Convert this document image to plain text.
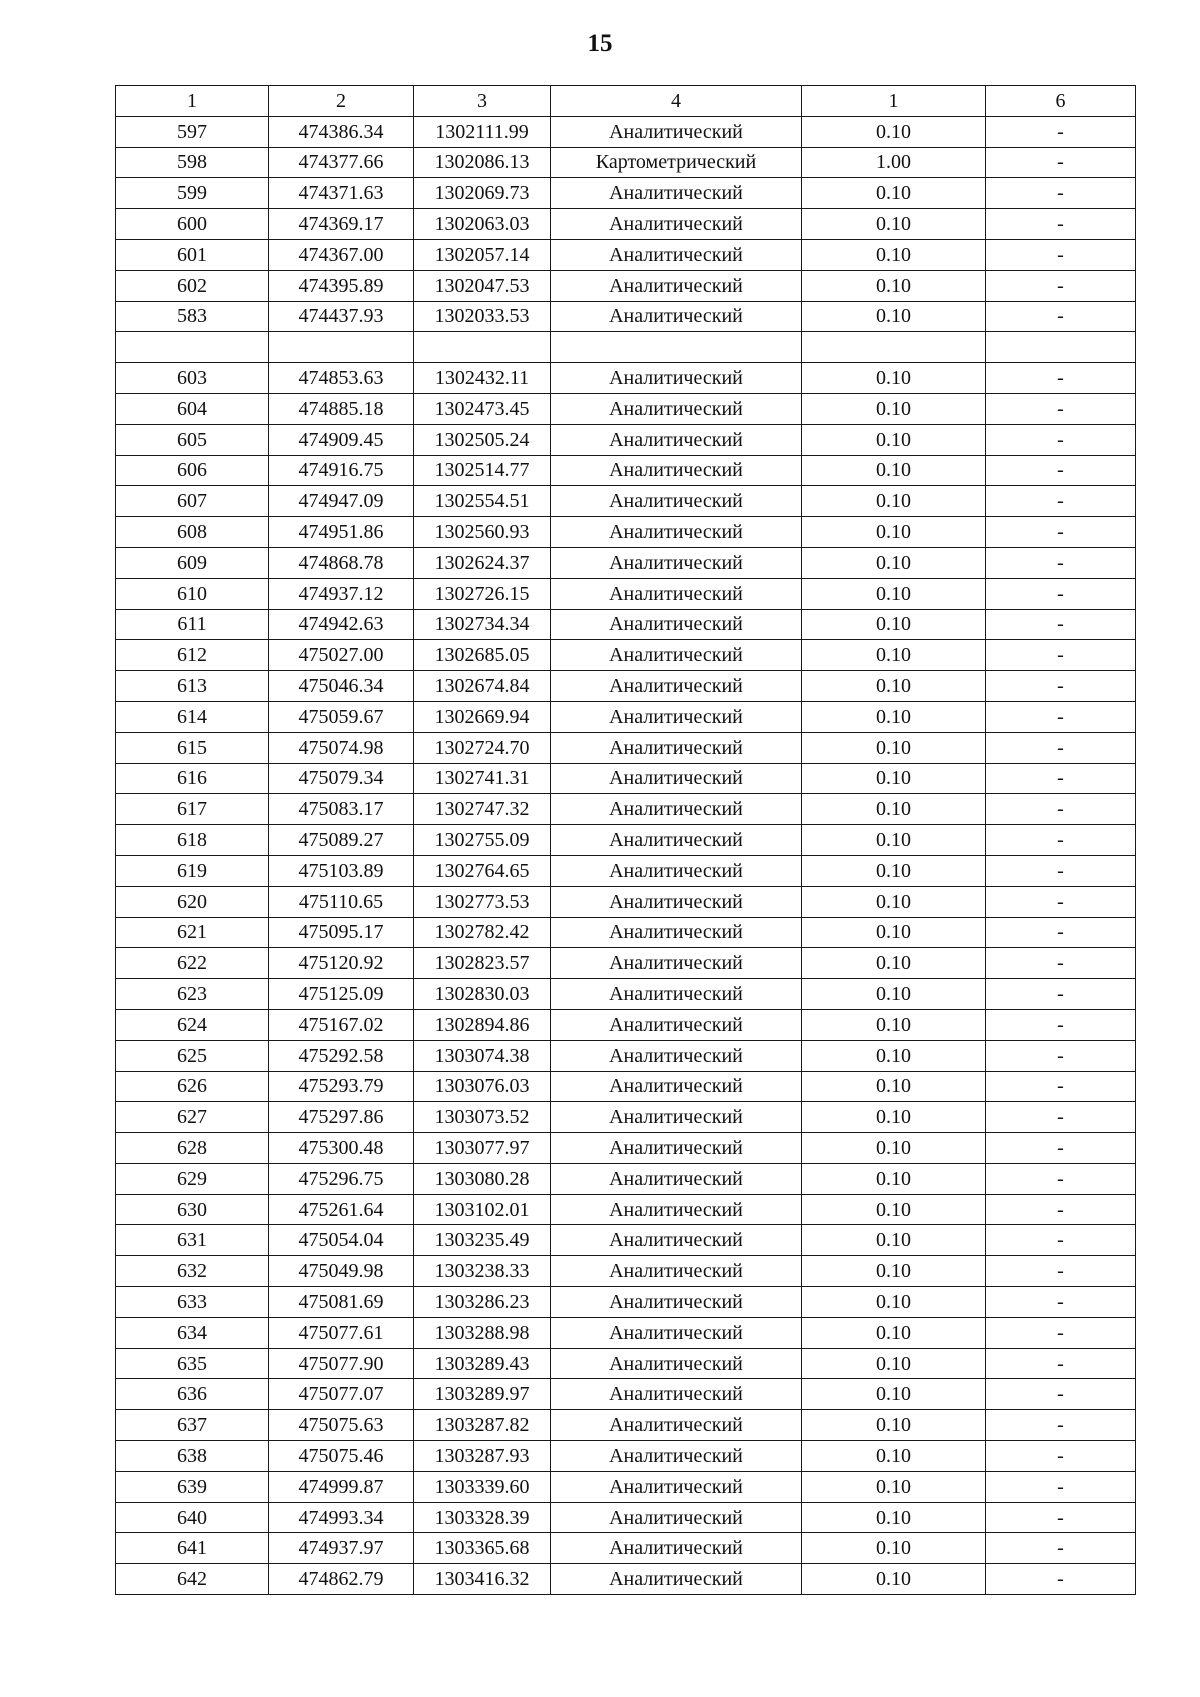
15
1	2	3	4	1	6
597	474386.34	1302111.99	Аналитический	0.10	-
598	474377.66	1302086.13	Картометрический	1.00	-
599	474371.63	1302069.73	Аналитический	0.10	-
600	474369.17	1302063.03	Аналитический	0.10	-
601	474367.00	1302057.14	Аналитический	0.10	-
602	474395.89	1302047.53	Аналитический	0.10	-
583	474437.93	1302033.53	Аналитический	0.10	-

603	474853.63	1302432.11	Аналитический	0.10	-
604	474885.18	1302473.45	Аналитический	0.10	-
605	474909.45	1302505.24	Аналитический	0.10	-
606	474916.75	1302514.77	Аналитический	0.10	-
607	474947.09	1302554.51	Аналитический	0.10	-
608	474951.86	1302560.93	Аналитический	0.10	-
609	474868.78	1302624.37	Аналитический	0.10	-
610	474937.12	1302726.15	Аналитический	0.10	-
611	474942.63	1302734.34	Аналитический	0.10	-
612	475027.00	1302685.05	Аналитический	0.10	-
613	475046.34	1302674.84	Аналитический	0.10	-
614	475059.67	1302669.94	Аналитический	0.10	-
615	475074.98	1302724.70	Аналитический	0.10	-
616	475079.34	1302741.31	Аналитический	0.10	-
617	475083.17	1302747.32	Аналитический	0.10	-
618	475089.27	1302755.09	Аналитический	0.10	-
619	475103.89	1302764.65	Аналитический	0.10	-
620	475110.65	1302773.53	Аналитический	0.10	-
621	475095.17	1302782.42	Аналитический	0.10	-
622	475120.92	1302823.57	Аналитический	0.10	-
623	475125.09	1302830.03	Аналитический	0.10	-
624	475167.02	1302894.86	Аналитический	0.10	-
625	475292.58	1303074.38	Аналитический	0.10	-
626	475293.79	1303076.03	Аналитический	0.10	-
627	475297.86	1303073.52	Аналитический	0.10	-
628	475300.48	1303077.97	Аналитический	0.10	-
629	475296.75	1303080.28	Аналитический	0.10	-
630	475261.64	1303102.01	Аналитический	0.10	-
631	475054.04	1303235.49	Аналитический	0.10	-
632	475049.98	1303238.33	Аналитический	0.10	-
633	475081.69	1303286.23	Аналитический	0.10	-
634	475077.61	1303288.98	Аналитический	0.10	-
635	475077.90	1303289.43	Аналитический	0.10	-
636	475077.07	1303289.97	Аналитический	0.10	-
637	475075.63	1303287.82	Аналитический	0.10	-
638	475075.46	1303287.93	Аналитический	0.10	-
639	474999.87	1303339.60	Аналитический	0.10	-
640	474993.34	1303328.39	Аналитический	0.10	-
641	474937.97	1303365.68	Аналитический	0.10	-
642	474862.79	1303416.32	Аналитический	0.10	-
